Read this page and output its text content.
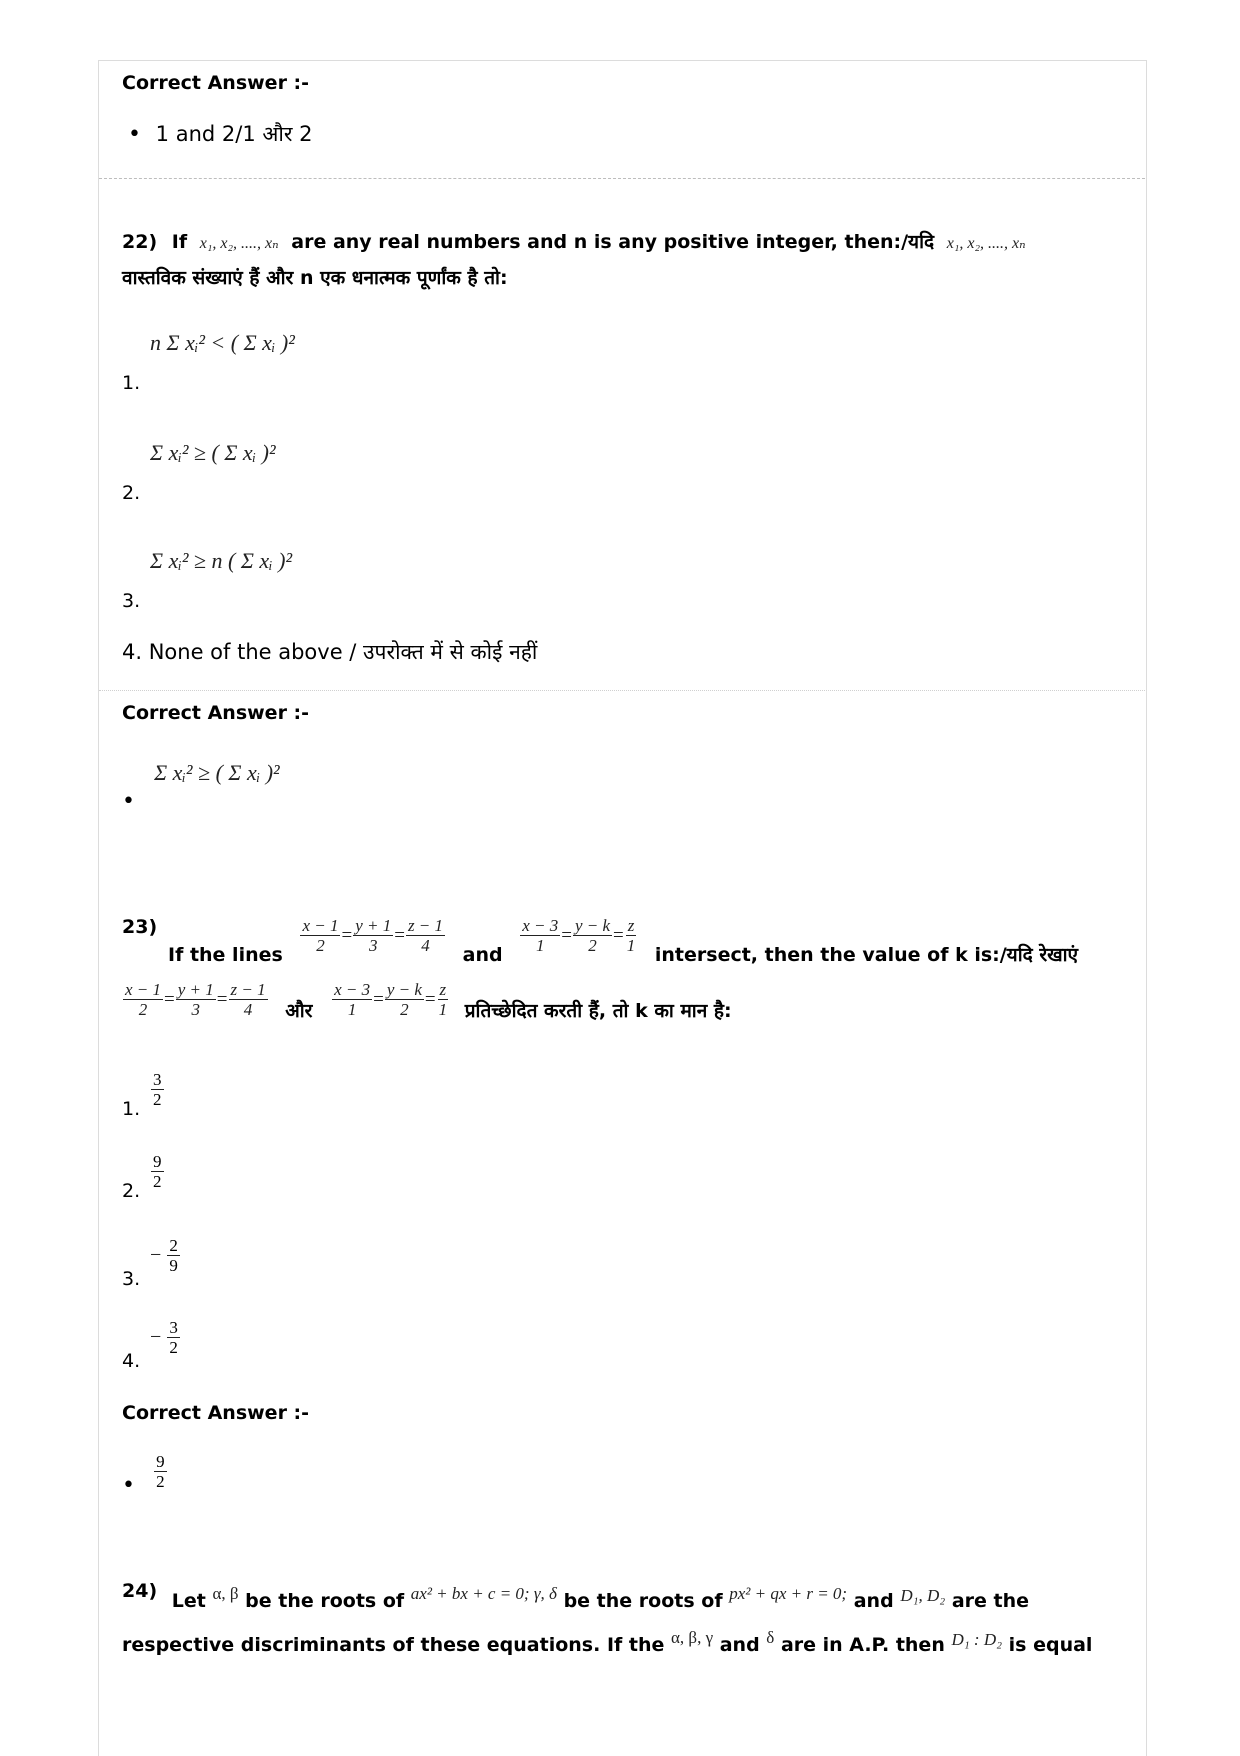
Correct Answer :-
• 1 and 2/1 और 2
22) If x₁, x₂, ...., xₙ are any real numbers and n is any positive integer, then:/यदि x₁, x₂, ...., xₙ
वास्तविक संख्याएं हैं और n एक धनात्मक पूर्णांक है तो:
1.
n Σ xᵢ² < ( Σ xᵢ )²
2.
Σ xᵢ² ≥ ( Σ xᵢ )²
3.
Σ xᵢ² ≥ n ( Σ xᵢ )²
4. None of the above / उपरोक्त में से कोई नहीं
Correct Answer :-
• Σ xᵢ² ≥ ( Σ xᵢ )²
23)
If the lines $\frac{x - 1}{2} = \frac{y + 1}{3} = \frac{z - 1}{4}$ and $\frac{x - 3}{1} = \frac{y - k}{2} = \frac{z}{1}$ intersect, then the value of k is:/यदि रेखाएं
$\frac{x - 1}{2} = \frac{y + 1}{3} = \frac{z - 1}{4}$ और $\frac{x - 3}{1} = \frac{y - k}{2} = \frac{z}{1}$ प्रतिच्छेदित करती हैं, तो k का मान है:
1. $\frac{3}{2}$
2. $\frac{9}{2}$
3.
− $\frac{2}{9}$
4.
− $\frac{3}{2}$
Correct Answer :-
• $\frac{9}{2}$
24) Let α, β be the roots of ax² + bx + c = 0; γ, δ be the roots of px² + qx + r = 0; and D₁, D₂ are the
respective discriminants of these equations. If the α, β, γ and δ are in A.P. then D₁ : D₂ is equal
